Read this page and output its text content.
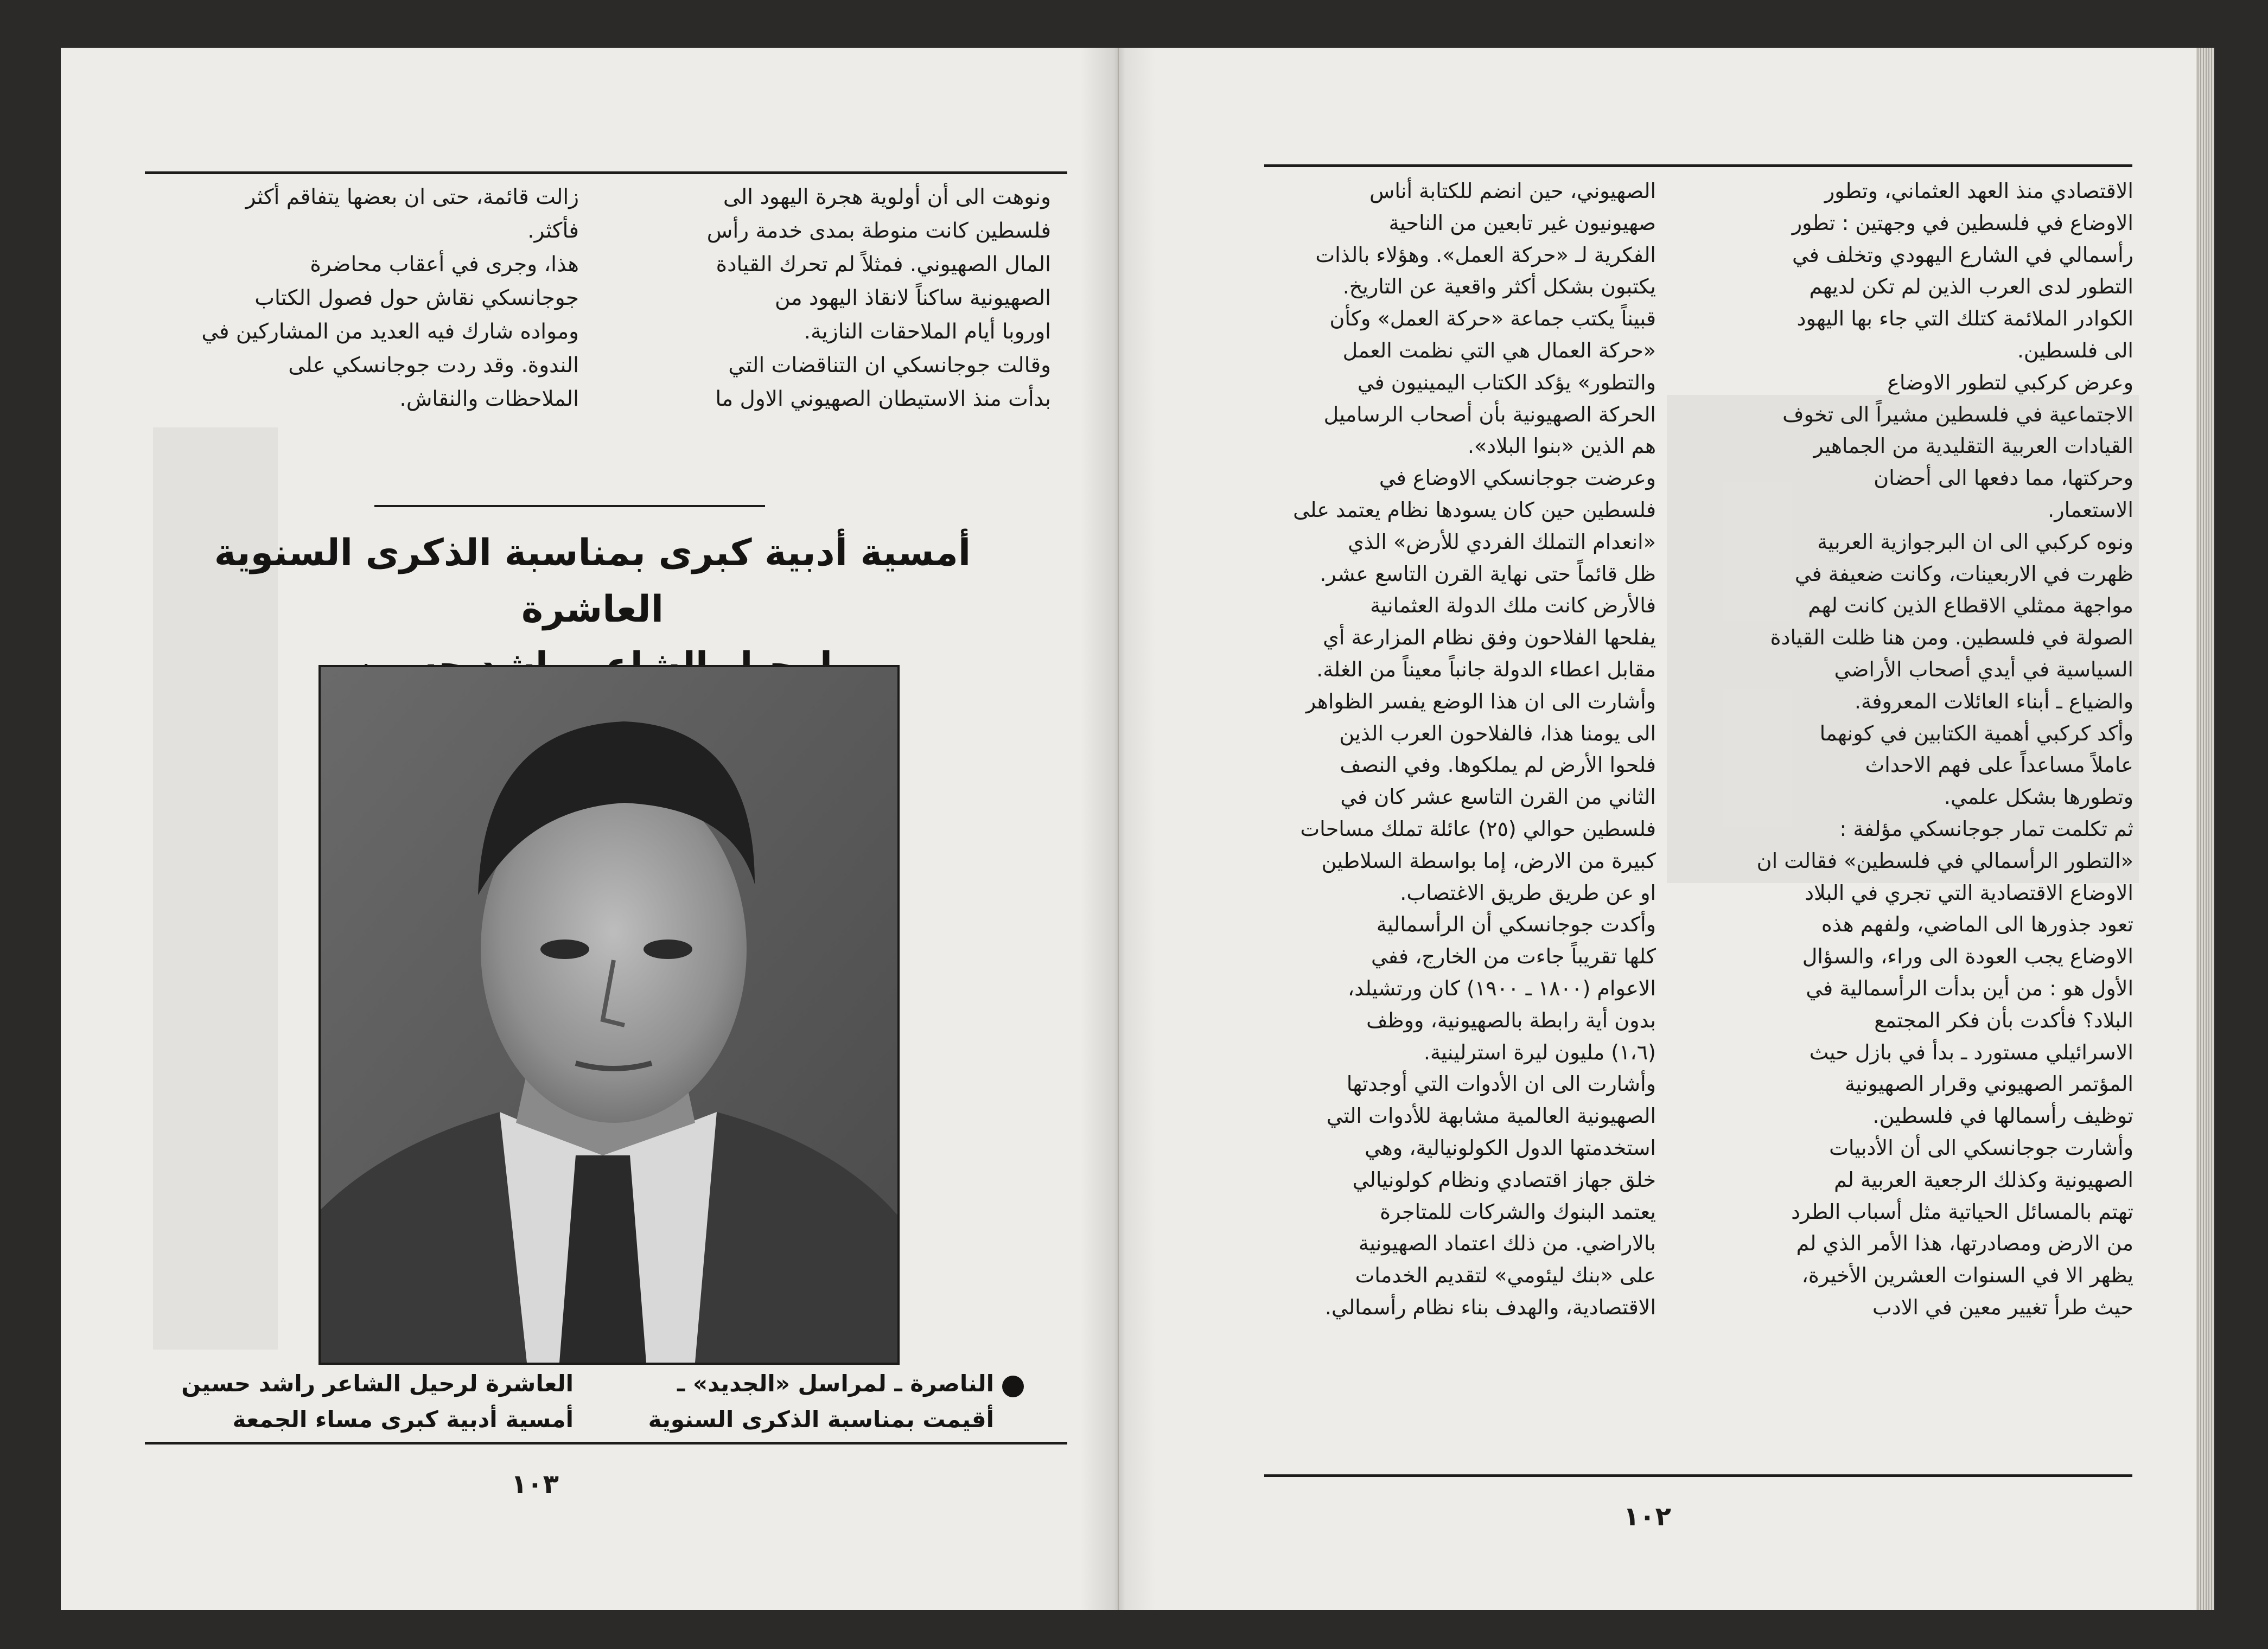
ونوهت الى أن أولوية هجرة اليهود الى
فلسطين كانت منوطة بمدى خدمة رأس
المال الصهيوني. فمثلاً لم تحرك القيادة
الصهيونية ساكناً لانقاذ اليهود من
اوروبا أيام الملاحقات النازية.
وقالت جوجانسكي ان التناقضات التي
بدأت منذ الاستيطان الصهيوني الاول ما
زالت قائمة، حتى ان بعضها يتفاقم أكثر
فأكثر.
هذا، وجرى في أعقاب محاضرة
جوجانسكي نقاش حول فصول الكتاب
ومواده شارك فيه العديد من المشاركين في
الندوة. وقد ردت جوجانسكي على
الملاحظات والنقاش.
أمسية أدبية كبرى بمناسبة الذكرى السنوية العاشرة

الناصرة ـ لمراسل «الجديد» ـ
أقيمت بمناسبة الذكرى السنوية
العاشرة لرحيل الشاعر راشد حسين
أمسية أدبية كبرى مساء الجمعة
١٠٣
الاقتصادي منذ العهد العثماني، وتطور
الاوضاع في فلسطين في وجهتين : تطور
رأسمالي في الشارع اليهودي وتخلف في
التطور لدى العرب الذين لم تكن لديهم
الكوادر الملائمة كتلك التي جاء بها اليهود
الى فلسطين.
وعرض كركبي لتطور الاوضاع
الاجتماعية في فلسطين مشيراً الى تخوف
القيادات العربية التقليدية من الجماهير
وحركتها، مما دفعها الى أحضان
الاستعمار.
ونوه كركبي الى ان البرجوازية العربية
ظهرت في الاربعينات، وكانت ضعيفة في
مواجهة ممثلي الاقطاع الذين كانت لهم
الصولة في فلسطين. ومن هنا ظلت القيادة
السياسية في أيدي أصحاب الأراضي
والضياع ـ أبناء العائلات المعروفة.
وأكد كركبي أهمية الكتابين في كونهما
عاملاً مساعداً على فهم الاحداث
وتطورها بشكل علمي.
ثم تكلمت تمار جوجانسكي مؤلفة :
«التطور الرأسمالي في فلسطين» فقالت ان
الاوضاع الاقتصادية التي تجري في البلاد
تعود جذورها الى الماضي، ولفهم هذه
الاوضاع يجب العودة الى وراء، والسؤال
الأول هو : من أين بدأت الرأسمالية في
البلاد؟ فأكدت بأن فكر المجتمع
الاسرائيلي مستورد ـ بدأ في بازل حيث
المؤتمر الصهيوني وقرار الصهيونية
توظيف رأسمالها في فلسطين.
وأشارت جوجانسكي الى أن الأدبيات
الصهيونية وكذلك الرجعية العربية لم
تهتم بالمسائل الحياتية مثل أسباب الطرد
من الارض ومصادرتها، هذا الأمر الذي لم
يظهر الا في السنوات العشرين الأخيرة،
حيث طرأ تغيير معين في الادب
الصهيوني، حين انضم للكتابة أناس
صهيونيون غير تابعين من الناحية
الفكرية لـ «حركة العمل». وهؤلاء بالذات
يكتبون بشكل أكثر واقعية عن التاريخ.
قبيناً يكتب جماعة «حركة العمل» وكأن
«حركة العمال هي التي نظمت العمل
والتطور» يؤكد الكتاب اليمينيون في
الحركة الصهيونية بأن أصحاب الرساميل
هم الذين «بنوا البلاد».
وعرضت جوجانسكي الاوضاع في
فلسطين حين كان يسودها نظام يعتمد على
«انعدام التملك الفردي للأرض» الذي
ظل قائماً حتى نهاية القرن التاسع عشر.
فالأرض كانت ملك الدولة العثمانية
يفلحها الفلاحون وفق نظام المزارعة أي
مقابل اعطاء الدولة جانباً معيناً من الغلة.
وأشارت الى ان هذا الوضع يفسر الظواهر
الى يومنا هذا، فالفلاحون العرب الذين
فلحوا الأرض لم يملكوها. وفي النصف
الثاني من القرن التاسع عشر كان في
فلسطين حوالي (٢٥) عائلة تملك مساحات
كبيرة من الارض، إما بواسطة السلاطين
او عن طريق طريق الاغتصاب.
وأكدت جوجانسكي أن الرأسمالية
كلها تقريباً جاءت من الخارج، ففي
الاعوام (١٨٠٠ ـ ١٩٠٠) كان ورتشيلد،
بدون أية رابطة بالصهيونية، ووظف
(١،٦) مليون ليرة استرلينية.
وأشارت الى ان الأدوات التي أوجدتها
الصهيونية العالمية مشابهة للأدوات التي
استخدمتها الدول الكولونيالية، وهي
خلق جهاز اقتصادي ونظام كولونيالي
يعتمد البنوك والشركات للمتاجرة
بالاراضي. من ذلك اعتماد الصهيونية
على «بنك ليئومي» لتقديم الخدمات
الاقتصادية، والهدف بناء نظام رأسمالي.
١٠٢
